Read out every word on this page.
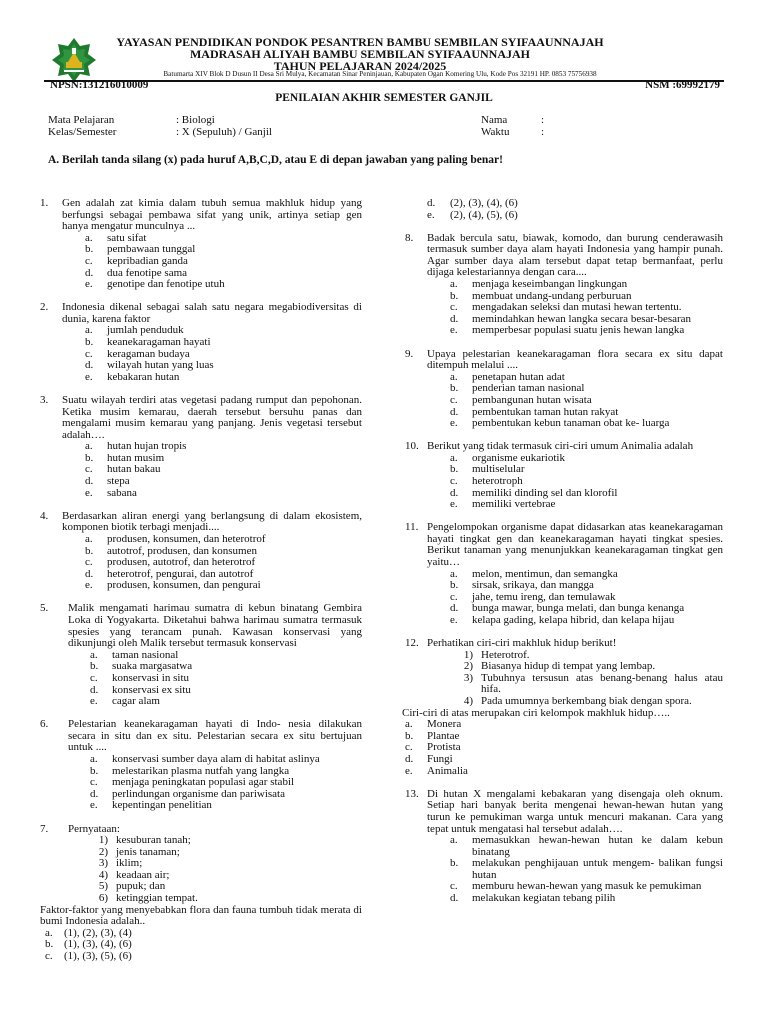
YAYASAN PENDIDIKAN PONDOK PESANTREN BAMBU SEMBILAN SYIFAAUNNAJAH
MADRASAH ALIYAH BAMBU SEMBILAN SYIFAAUNNAJAH
TAHUN PELAJARAN 2024/2025
Batumarta XIV Blok D Dusun II Desa Sri Mulya, Kecamatan Sinar Peninjauan, Kabupaten Ogan Komering Ulu, Kode Pos 32191 HP. 0853 75756938
NPSN:131216010009	NSM :69992179
PENILAIAN AKHIR SEMESTER GANJIL
Mata Pelajaran	: Biologi
Kelas/Semester	: X (Sepuluh) / Ganjil
Nama	:
Waktu	:
A. Berilah tanda silang (x) pada huruf A,B,C,D, atau E di depan jawaban yang paling benar!
1.	Gen adalah zat kimia dalam tubuh semua makhluk hidup yang berfungsi sebagai pembawa sifat yang unik, artinya setiap gen hanya mengatur munculnya ...
a.	satu sifat
b.	pembawaan tunggal
c.	kepribadian ganda
d.	dua fenotipe sama
e.	genotipe dan fenotipe utuh
2.	Indonesia dikenal sebagai salah satu negara megabiodiversitas di dunia, karena faktor
a.	jumlah penduduk
b.	keanekaragaman hayati
c.	keragaman budaya
d.	wilayah hutan yang luas
e.	kebakaran hutan
3.	Suatu wilayah terdiri atas vegetasi padang rumput dan pepohonan. Ketika musim kemarau, daerah tersebut bersuhu panas dan mengalami musim kemarau yang panjang. Jenis vegetasi tersebut adalah….
a.	hutan hujan tropis
b.	hutan musim
c.	hutan bakau
d.	stepa
e.	sabana
4.	Berdasarkan aliran energi yang berlangsung di dalam ekosistem, komponen biotik terbagi menjadi....
a.	produsen, konsumen, dan heterotrof
b.	autotrof, produsen, dan konsumen
c.	produsen, autotrof, dan heterotrof
d.	heterotrof, pengurai, dan autotrof
e.	produsen, konsumen, dan pengurai
5.	Malik mengamati harimau sumatra di kebun binatang Gembira Loka di Yogyakarta. Diketahui bahwa harimau sumatra termasuk spesies yang terancam punah. Kawasan konservasi yang dikunjungi oleh Malik tersebut termasuk konservasi
a.	taman nasional
b.	suaka margasatwa
c.	konservasi in situ
d.	konservasi ex situ
e.	cagar alam
6.	Pelestarian keanekaragaman hayati di Indo- nesia dilakukan secara in situ dan ex situ. Pelestarian secara ex situ bertujuan untuk ....
a.	konservasi sumber daya alam di habitat aslinya
b.	melestarikan plasma nutfah yang langka
c.	menjaga peningkatan populasi agar stabil
d.	perlindungan organisme dan pariwisata
e.	kepentingan penelitian
7.	Pernyataan:
1) kesuburan tanah;
2) jenis tanaman;
3) iklim;
4) keadaan air;
5) pupuk; dan
6) ketinggian tempat.
Faktor-faktor yang menyebabkan flora dan fauna tumbuh tidak merata di bumi Indonesia adalah..
a.	(1), (2), (3), (4)
b. (1), (3), (4), (6)
c.	(1), (3), (5), (6)
d.	(2), (3), (4), (6)
e.	(2), (4), (5), (6)
8.	Badak bercula satu, biawak, komodo, dan burung cenderawasih termasuk sumber daya alam hayati Indonesia yang hampir punah. Agar sumber daya alam tersebut dapat tetap bermanfaat, perlu dijaga kelestariannya dengan cara....
a.	menjaga keseimbangan lingkungan
b.	membuat undang-undang perburuan
c.	mengadakan seleksi dan mutasi hewan tertentu.
d.	memindahkan hewan langka secara besar-besaran
e.	memperbesar populasi suatu jenis hewan langka
9.	Upaya pelestarian keanekaragaman flora secara ex situ dapat ditempuh melalui ....
a.	penetapan hutan adat
b.	penderian taman nasional
c.	pembangunan hutan wisata
d.	pembentukan taman hutan rakyat
e.	pembentukan kebun tanaman obat ke- luarga
10. Berikut yang tidak termasuk ciri-ciri umum Animalia adalah
a.	organisme eukariotik
b.	multiselular
c.	heterotroph
d.	memiliki dinding sel dan klorofil
e.	memiliki vertebrae
11. Pengelompokan organisme dapat didasarkan atas keanekaragaman hayati tingkat gen dan keanekaragaman hayati tingkat spesies. Berikut tanaman yang menunjukkan keanekaragaman tingkat gen yaitu…
a.	melon, mentimun, dan semangka
b.	sirsak, srikaya, dan mangga
c.	jahe, temu ireng, dan temulawak
d.	bunga mawar, bunga melati, dan bunga kenanga
e.	kelapa gading, kelapa hibrid, dan kelapa hijau
12. Perhatikan ciri-ciri makhluk hidup berikut!
1) Heterotrof.
2) Biasanya hidup di tempat yang lembap.
3) Tubuhnya tersusun atas benang-benang halus atau hifa.
4) Pada umumnya berkembang biak dengan spora.
Ciri-ciri di atas merupakan ciri kelompok makhluk hidup…..
a.	Monera
b.	Plantae
c.	Protista
d.	Fungi
e.	Animalia
13. Di hutan X mengalami kebakaran yang disengaja oleh oknum. Setiap hari banyak berita mengenai hewan-hewan hutan yang turun ke pemukiman warga untuk mencuri makanan. Cara yang tepat untuk mengatasi hal tersebut adalah….
a.	memasukkan hewan-hewan hutan ke dalam kebun binatang
b.	melakukan penghijauan untuk mengem- balikan fungsi hutan
c.	memburu hewan-hewan yang masuk ke pemukiman
d.	melakukan kegiatan tebang pilih
